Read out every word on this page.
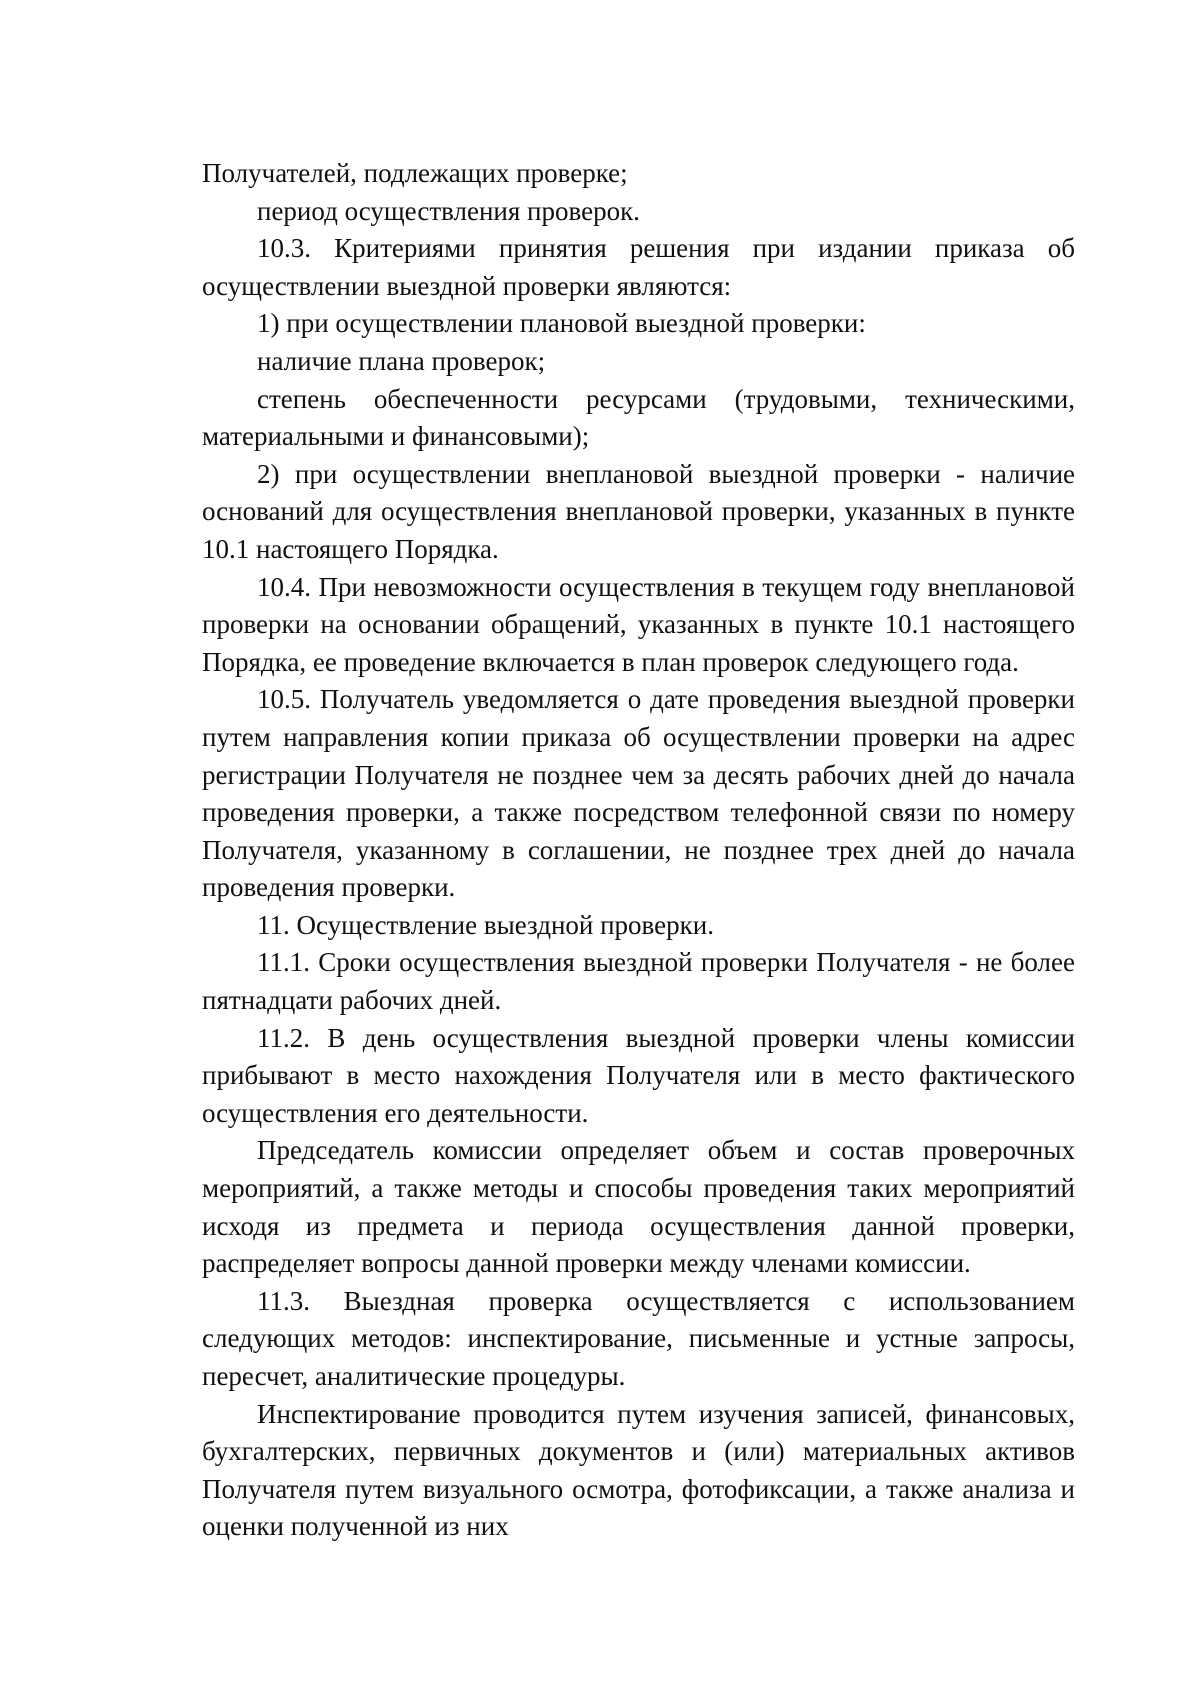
Получателей, подлежащих проверке;

период осуществления проверок.

10.3. Критериями принятия решения при издании приказа об осуществлении выездной проверки являются:

1) при осуществлении плановой выездной проверки:

наличие плана проверок;

степень обеспеченности ресурсами (трудовыми, техническими, материальными и финансовыми);

2) при осуществлении внеплановой выездной проверки - наличие оснований для осуществления внеплановой проверки, указанных в пункте 10.1 настоящего Порядка.

10.4. При невозможности осуществления в текущем году внеплановой проверки на основании обращений, указанных в пункте 10.1 настоящего Порядка, ее проведение включается в план проверок следующего года.

10.5. Получатель уведомляется о дате проведения выездной проверки путем направления копии приказа об осуществлении проверки на адрес регистрации Получателя не позднее чем за десять рабочих дней до начала проведения проверки, а также посредством телефонной связи по номеру Получателя, указанному в соглашении, не позднее трех дней до начала проведения проверки.

11. Осуществление выездной проверки.

11.1. Сроки осуществления выездной проверки Получателя - не более пятнадцати рабочих дней.

11.2. В день осуществления выездной проверки члены комиссии прибывают в место нахождения Получателя или в место фактического осуществления его деятельности.

Председатель комиссии определяет объем и состав проверочных мероприятий, а также методы и способы проведения таких мероприятий исходя из предмета и периода осуществления данной проверки, распределяет вопросы данной проверки между членами комиссии.

11.3. Выездная проверка осуществляется с использованием следующих методов: инспектирование, письменные и устные запросы, пересчет, аналитические процедуры.

Инспектирование проводится путем изучения записей, финансовых, бухгалтерских, первичных документов и (или) материальных активов Получателя путем визуального осмотра, фотофиксации, а также анализа и оценки полученной из них
